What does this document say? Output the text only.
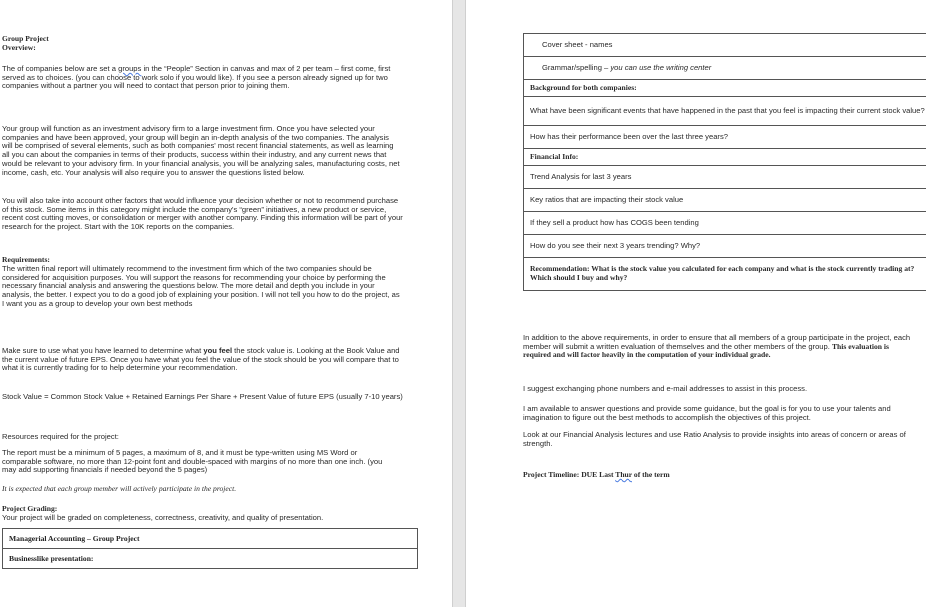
Group Project

Overview:

The of companies below are set a groups in the “People” Section in canvas and max of 2 per team – first come, first served as to choices. (you can choose to work solo if you would like). If you see a person already signed up for two companies without a partner you will need to contact that person prior to joining them.

Your group will function as an investment advisory firm to a large investment firm. Once you have selected your companies and have been approved, your group will begin an in-depth analysis of the two companies. The analysis will be comprised of several elements, such as both companies' most recent financial statements, as well as learning all you can about the companies in terms of their products, success within their industry, and any current news that would be relevant to your advisory firm. In your financial analysis, you will be analyzing sales, manufacturing costs, net income, cash, etc. Your analysis will also require you to answer the questions listed below.

You will also take into account other factors that would influence your decision whether or not to recommend purchase of this stock. Some items in this category might include the company's “green” initiatives, a new product or service, recent cost cutting moves, or consolidation or merger with another company. Finding this information will be part of your research for the project. Start with the 10K reports on the companies.

Requirements:

The written final report will ultimately recommend to the investment firm which of the two companies should be considered for acquisition purposes. You will support the reasons for recommending your choice by performing the necessary financial analysis and answering the questions below. The more detail and depth you include in your analysis, the better. I expect you to do a good job of explaining your position. I will not tell you how to do the project, as I want you as a group to develop your own best methods

Make sure to use what you have learned to determine what you feel the stock value is. Looking at the Book Value and the current value of future EPS. Once you have what you feel the value of the stock should be you will compare that to what it is currently trading for to help determine your recommendation.

Stock Value = Common Stock Value + Retained Earnings Per Share + Present Value of future EPS (usually 7-10 years)

Resources required for the project:

The report must be a minimum of 5 pages, a maximum of 8, and it must be type-written using MS Word or comparable software, no more than 12-point font and double-spaced with margins of no more than one inch. (you may add supporting financials if needed beyond the 5 pages)

It is expected that each group member will actively participate in the project.

Project Grading:

Your project will be graded on completeness, correctness, creativity, and quality of presentation.

Managerial Accounting – Group Project
Businesslike presentation:
Cover sheet - names
Grammar/spelling – you can use the writing center
Background for both companies:
What have been significant events that have happened in the past that you feel is impacting their current stock value?
How has their performance been over the last three years?
Financial Info:
Trend Analysis for last 3 years
Key ratios that are impacting their stock value
If they sell a product how has COGS been tending
How do you see their next 3 years trending? Why?
Recommendation: What is the stock value you calculated for each company and what is the stock currently trading at? Which should I buy and why?

In addition to the above requirements, in order to ensure that all members of a group participate in the project, each member will submit a written evaluation of themselves and the other members of the group. This evaluation is required and will factor heavily in the computation of your individual grade.

I suggest exchanging phone numbers and e-mail addresses to assist in this process.

I am available to answer questions and provide some guidance, but the goal is for you to use your talents and imagination to figure out the best methods to accomplish the objectives of this project.

Look at our Financial Analysis lectures and use Ratio Analysis to provide insights into areas of concern or areas of strength.

Project Timeline: DUE Last Thur of the term
